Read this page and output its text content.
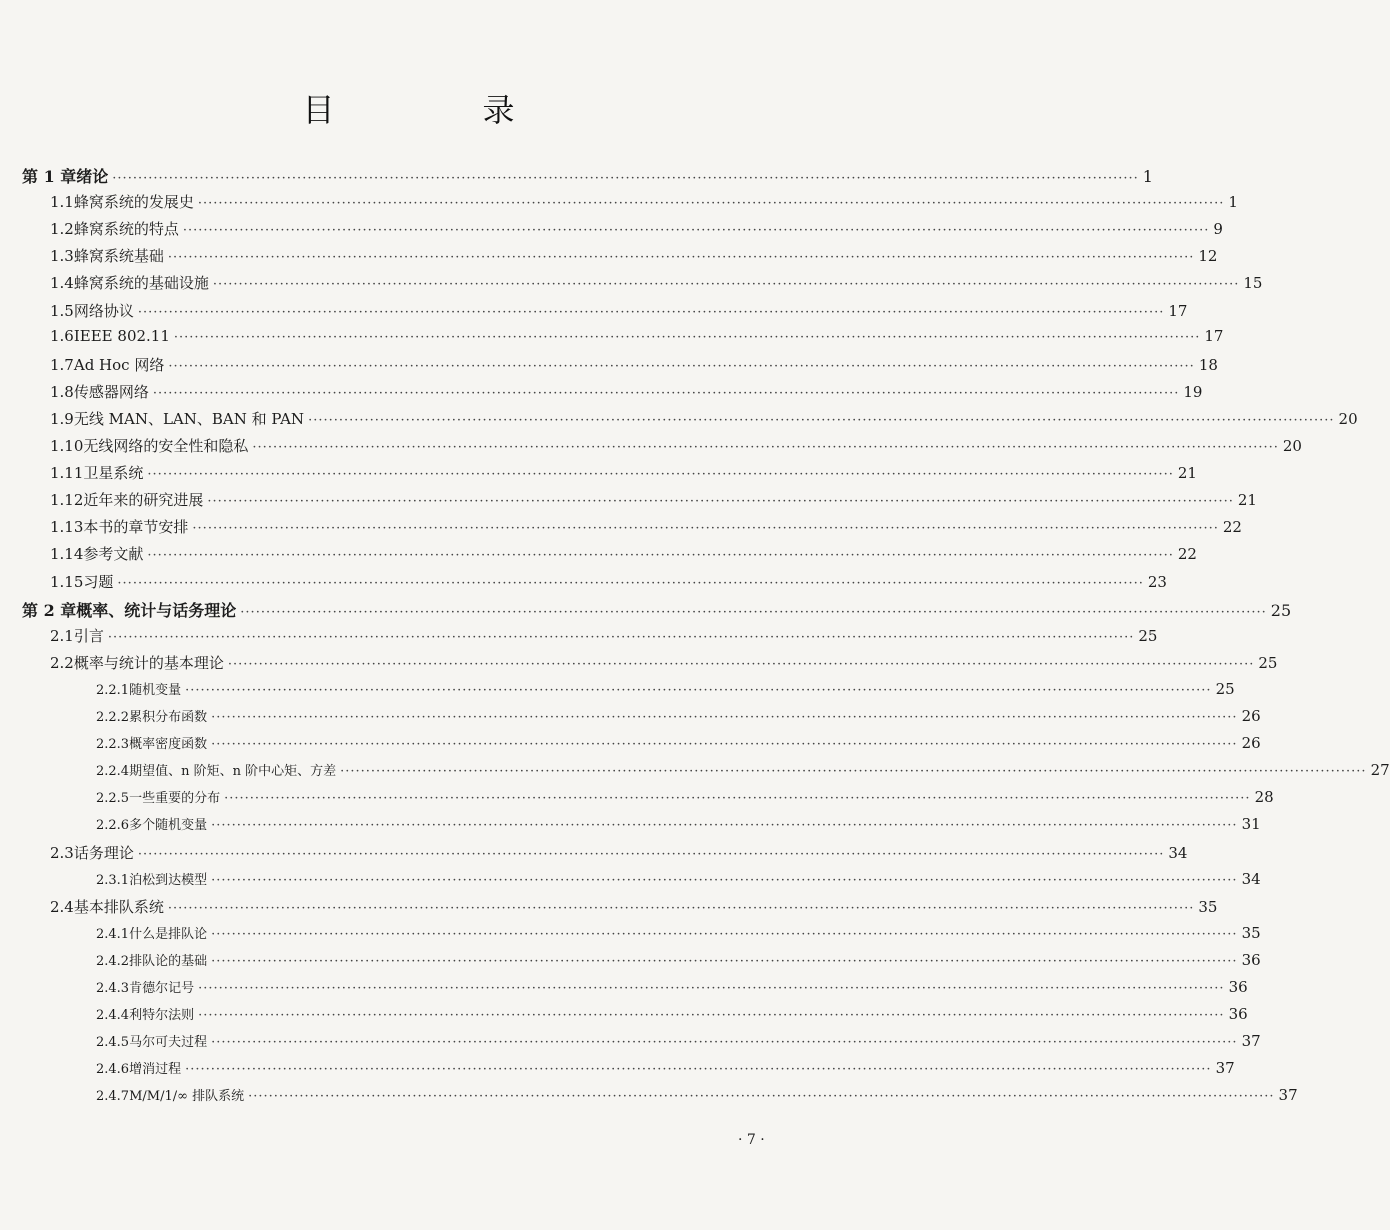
目　录
第 1 章 绪论 ········································································································································································································ 1
1.1 蜂窝系统的发展史 ········································································································································································································ 1
1.2 蜂窝系统的特点 ········································································································································································································ 9
1.3 蜂窝系统基础 ········································································································································································································ 12
1.4 蜂窝系统的基础设施 ········································································································································································································ 15
1.5 网络协议 ········································································································································································································ 17
1.6 IEEE 802.11 ········································································································································································································ 17
1.7 Ad Hoc 网络 ········································································································································································································ 18
1.8 传感器网络 ········································································································································································································ 19
1.9 无线 MAN、LAN、BAN 和 PAN ········································································································································································································ 20
1.10 无线网络的安全性和隐私 ········································································································································································································ 20
1.11 卫星系统 ········································································································································································································ 21
1.12 近年来的研究进展 ········································································································································································································ 21
1.13 本书的章节安排 ········································································································································································································ 22
1.14 参考文献 ········································································································································································································ 22
1.15 习题 ········································································································································································································ 23
第 2 章 概率、统计与话务理论 ········································································································································································································ 25
2.1 引言 ········································································································································································································ 25
2.2 概率与统计的基本理论 ········································································································································································································ 25
2.2.1 随机变量 ········································································································································································································ 25
2.2.2 累积分布函数 ········································································································································································································ 26
2.2.3 概率密度函数 ········································································································································································································ 26
2.2.4 期望值、n 阶矩、n 阶中心矩、方差 ········································································································································································································ 27
2.2.5 一些重要的分布 ········································································································································································································ 28
2.2.6 多个随机变量 ········································································································································································································ 31
2.3 话务理论 ········································································································································································································ 34
2.3.1 泊松到达模型 ········································································································································································································ 34
2.4 基本排队系统 ········································································································································································································ 35
2.4.1 什么是排队论 ········································································································································································································ 35
2.4.2 排队论的基础 ········································································································································································································ 36
2.4.3 肯德尔记号 ········································································································································································································ 36
2.4.4 利特尔法则 ········································································································································································································ 36
2.4.5 马尔可夫过程 ········································································································································································································ 37
2.4.6 增消过程 ········································································································································································································ 37
2.4.7 M/M/1/∞ 排队系统 ········································································································································································································ 37
· 7 ·
